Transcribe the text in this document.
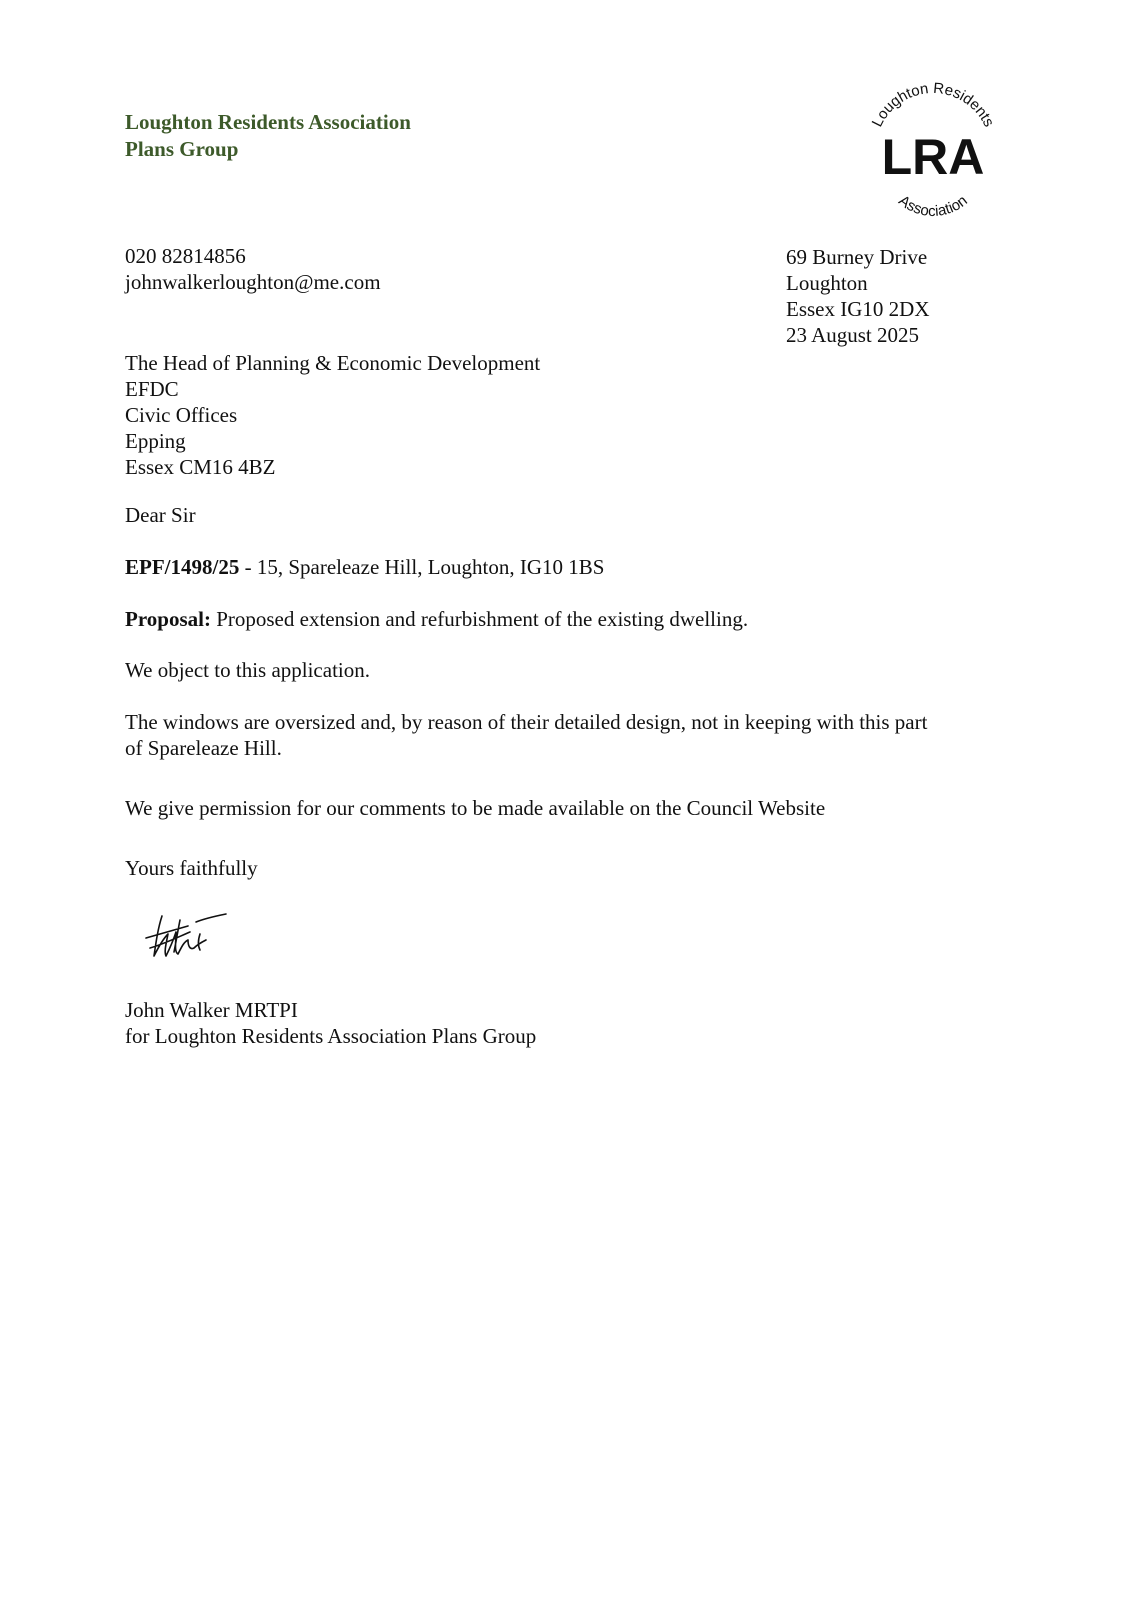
Loughton Residents Association
Plans Group
Loughton Residents
LRA
Association
020 82814856
johnwalkerloughton@me.com
69 Burney Drive
Loughton
Essex IG10 2DX
23 August 2025
The Head of Planning & Economic Development
EFDC
Civic Offices
Epping
Essex CM16 4BZ
Dear Sir
EPF/1498/25 - 15, Spareleaze Hill, Loughton, IG10 1BS
Proposal: Proposed extension and refurbishment of the existing dwelling.
We object to this application.
The windows are oversized and, by reason of their detailed design, not in keeping with this part
of Spareleaze Hill.
We give permission for our comments to be made available on the Council Website
Yours faithfully
John Walker MRTPI
for Loughton Residents Association Plans Group
